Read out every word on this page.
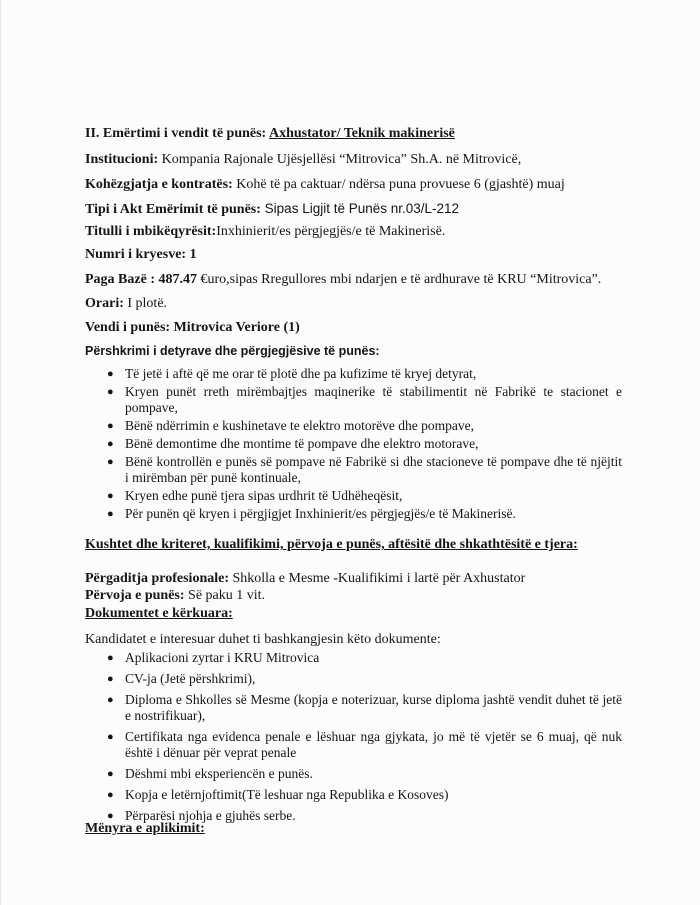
II. Emërtimi i vendit të punës: Axhustator/ Teknik makinerisë
Institucioni: Kompania Rajonale Ujësjellësi “Mitrovica” Sh.A. në Mitrovicë,
Kohëzgjatja e kontratës: Kohë të pa caktuar/ ndërsa puna provuese 6 (gjashtë) muaj
Tipi i Akt Emërimit të punës: Sipas Ligjit të Punës nr.03/L-212
Titulli i mbikëqyrësit:Inxhinierit/es përgjegjës/e të Makinerisë.
Numri i kryesve: 1
Paga Bazë : 487.47 €uro,sipas Rregullores mbi ndarjen e të ardhurave të KRU “Mitrovica”.
Orari: I plotë.
Vendi i punës: Mitrovica Veriore (1)
Përshkrimi i detyrave dhe përgjegjësive të punës:
● Të jetë i aftë që me orar të plotë dhe pa kufizime të kryej detyrat,
● Kryen punët rreth mirëmbajtjes maqinerike të stabilimentit në Fabrikë te stacionet e pompave,
● Bënë ndërrimin e kushinetave te elektro motorëve dhe pompave,
● Bënë demontime dhe montime të pompave dhe elektro motorave,
● Bënë kontrollën e punës së pompave në Fabrikë si dhe stacioneve të pompave dhe të njëjtit i mirëmban për punë kontinuale,
● Kryen edhe punë tjera sipas urdhrit të Udhëheqësit,
● Për punën që kryen i përgjigjet Inxhinierit/es përgjegjës/e të Makinerisë.
Kushtet dhe kriteret, kualifikimi, përvoja e punës, aftësitë dhe shkathtësitë e tjera:
Përgaditja profesionale: Shkolla e Mesme -Kualifikimi i lartë për Axhustator
Përvoja e punës: Së paku 1 vit.
Dokumentet e kërkuara:
Kandidatet e interesuar duhet ti bashkangjesin këto dokumente:
● Aplikacioni zyrtar i KRU Mitrovica
● CV-ja (Jetë përshkrimi),
● Diploma e Shkolles së Mesme (kopja e noterizuar, kurse diploma jashtë vendit duhet të jetë e nostrifikuar),
● Certifikata nga evidenca penale e lëshuar nga gjykata, jo më të vjetër se 6 muaj, që nuk është i dënuar për veprat penale
● Dëshmi mbi eksperiencën e punës.
● Kopja e letërnjoftimit(Të leshuar nga Republika e Kosoves)
● Përparësi njohja e gjuhës serbe.
Mënyra e aplikimit:
